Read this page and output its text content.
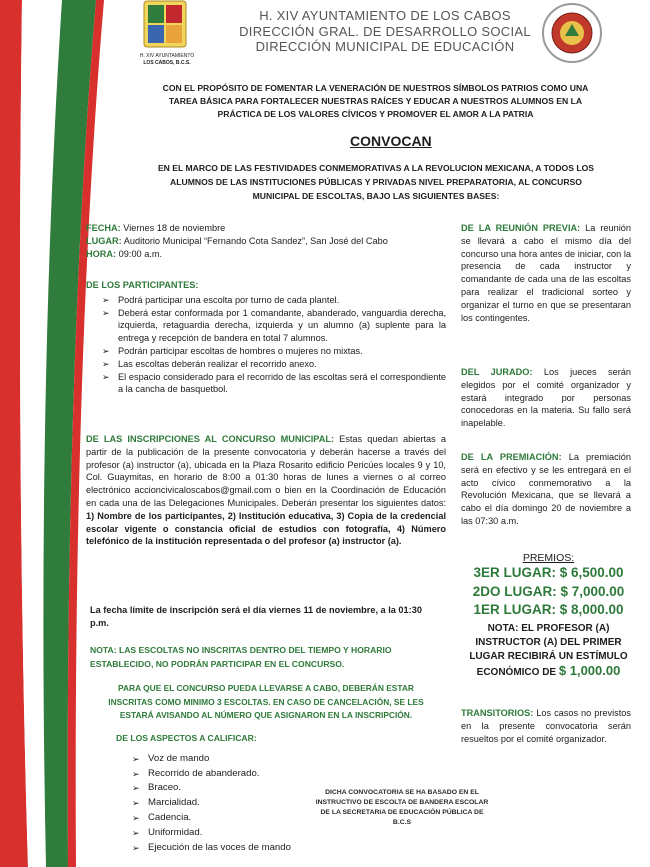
H. XIV AYUNTAMIENTO
LOS CABOS, B.C.S.
H. XIV AYUNTAMIENTO DE LOS CABOS
DIRECCIÓN GRAL. DE DESARROLLO SOCIAL
DIRECCIÓN MUNICIPAL DE EDUCACIÓN
CON EL PROPÓSITO DE FOMENTAR LA VENERACIÓN DE NUESTROS SÍMBOLOS PATRIOS COMO UNA TAREA BÁSICA PARA FORTALECER NUESTRAS RAÍCES Y EDUCAR A NUESTROS ALUMNOS EN LA PRÁCTICA DE LOS VALORES CÍVICOS Y PROMOVER EL AMOR A LA PATRIA
CONVOCAN
EN EL MARCO DE LAS FESTIVIDADES CONMEMORATIVAS A LA REVOLUCION MEXICANA, A TODOS LOS ALUMNOS DE LAS INSTITUCIONES PÚBLICAS Y PRIVADAS NIVEL PREPARATORIA, AL CONCURSO MUNICIPAL DE ESCOLTAS, BAJO LAS SIGUIENTES BASES:
FECHA: Viernes 18 de noviembre
LUGAR: Auditorio Municipal “Fernando Cota Sandez”, San José del Cabo
HORA: 09:00 a.m.
DE LOS PARTICIPANTES:
➢ Podrá participar una escolta por turno de cada plantel.
➢ Deberá estar conformada por 1 comandante, abanderado, vanguardia derecha, izquierda, retaguardia derecha, izquierda y un alumno (a) suplente para la entrega y recepción de bandera en total 7 alumnos.
➢ Podrán participar escoltas de hombres o mujeres no mixtas.
➢ Las escoltas deberán realizar el recorrido anexo.
➢ El espacio considerado para el recorrido de las escoltas será el correspondiente a la cancha de basquetbol.
DE LAS INSCRIPCIONES AL CONCURSO MUNICIPAL: Estas quedan abiertas a partir de la publicación de la presente convocatoria y deberán hacerse a través del profesor (a) instructor (a), ubicada en la Plaza Rosarito edificio Pericúes locales 9 y 10, Col. Guaymitas, en horario de 8:00 a 01:30 horas de lunes a viernes o al correo electrónico accioncivicaloscabos@gmail.com o bien en la Coordinación de Educación en cada una de las Delegaciones Municipales. Deberán presentar los siguientes datos: 1) Nombre de los participantes, 2) Institución educativa, 3) Copia de la credencial escolar vigente o constancia oficial de estudios con fotografía, 4) Número telefónico de la institución representada o del profesor (a) instructor (a).
La fecha límite de inscripción será el día viernes 11 de noviembre, a la 01:30 p.m.
NOTA: LAS ESCOLTAS NO INSCRITAS DENTRO DEL TIEMPO Y HORARIO ESTABLECIDO, NO PODRÁN PARTICIPAR EN EL CONCURSO.
PARA QUE EL CONCURSO PUEDA LLEVARSE A CABO, DEBERÁN ESTAR INSCRITAS COMO MINIMO 3 ESCOLTAS. EN CASO DE CANCELACIÓN, SE LES ESTARÁ AVISANDO AL NÚMERO QUE ASIGNARON EN LA INSCRIPCIÓN.
DE LOS ASPECTOS A CALIFICAR:
➢ Voz de mando
➢ Recorrido de abanderado.
➢ Braceo.
➢ Marcialidad.
➢ Cadencia.
➢ Uniformidad.
➢ Ejecución de las voces de mando
DE LA REUNIÓN PREVIA: La reunión se llevará a cabo el mismo día del concurso una hora antes de iniciar, con la presencia de cada instructor y comandante de cada una de las escoltas para realizar el tradicional sorteo y organizar el turno en que se presentaran los contingentes.
DEL JURADO: Los jueces serán elegidos por el comité organizador y estará integrado por personas conocedoras en la materia. Su fallo será inapelable.
DE LA PREMIACIÓN: La premiación será en efectivo y se les entregará en el acto cívico conmemorativo a la Revolución Mexicana, que se llevará a cabo el día domingo 20 de noviembre a las 07:30 a.m.
PREMIOS:
3ER LUGAR: $ 6,500.00
2DO LUGAR: $ 7,000.00
1ER LUGAR: $ 8,000.00
NOTA: EL PROFESOR (A) INSTRUCTOR (A) DEL PRIMER LUGAR RECIBIRÁ UN ESTÍMULO ECONÓMICO DE $ 1,000.00
TRANSITORIOS: Los casos no previstos en la presente convocatoria serán resueltos por el comité organizador.
DICHA CONVOCATORIA SE HA BASADO EN EL INSTRUCTIVO DE ESCOLTA DE BANDERA ESCOLAR DE LA SECRETARIA DE EDUCACIÓN PÚBLICA DE B.C.S
